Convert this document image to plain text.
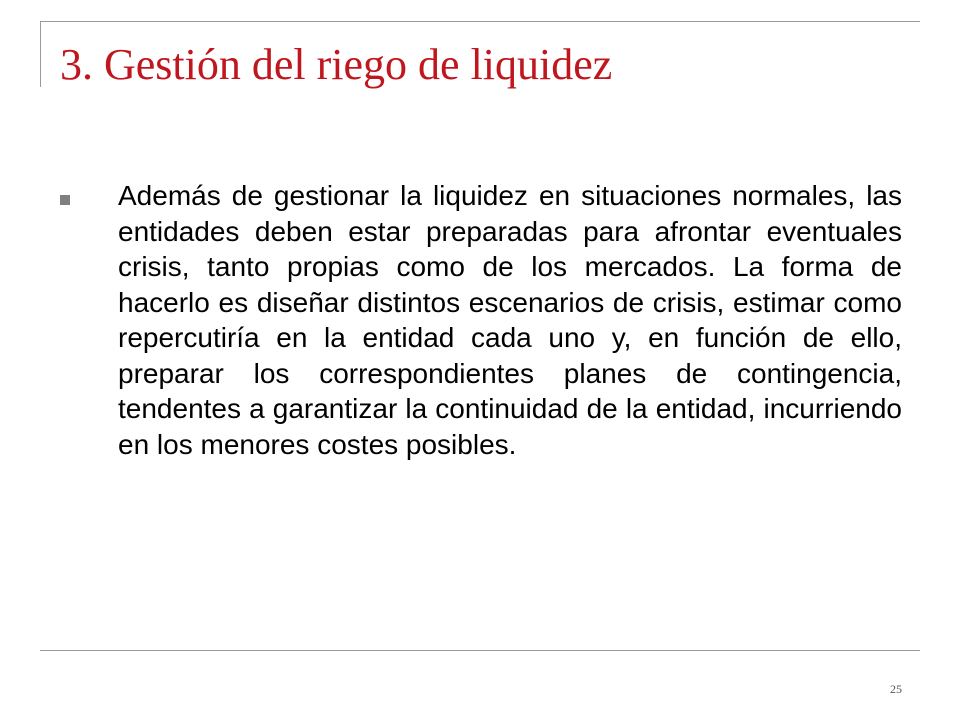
3. Gestión del riego de liquidez
Además de gestionar la liquidez en situaciones normales, las entidades deben estar preparadas para afrontar eventuales crisis, tanto propias como de los mercados. La forma de hacerlo es diseñar distintos escenarios de crisis, estimar como repercutiría en la entidad cada uno y, en función de ello, preparar los correspondientes planes de contingencia, tendentes a garantizar la continuidad de la entidad, incurriendo en los menores costes posibles.
25
